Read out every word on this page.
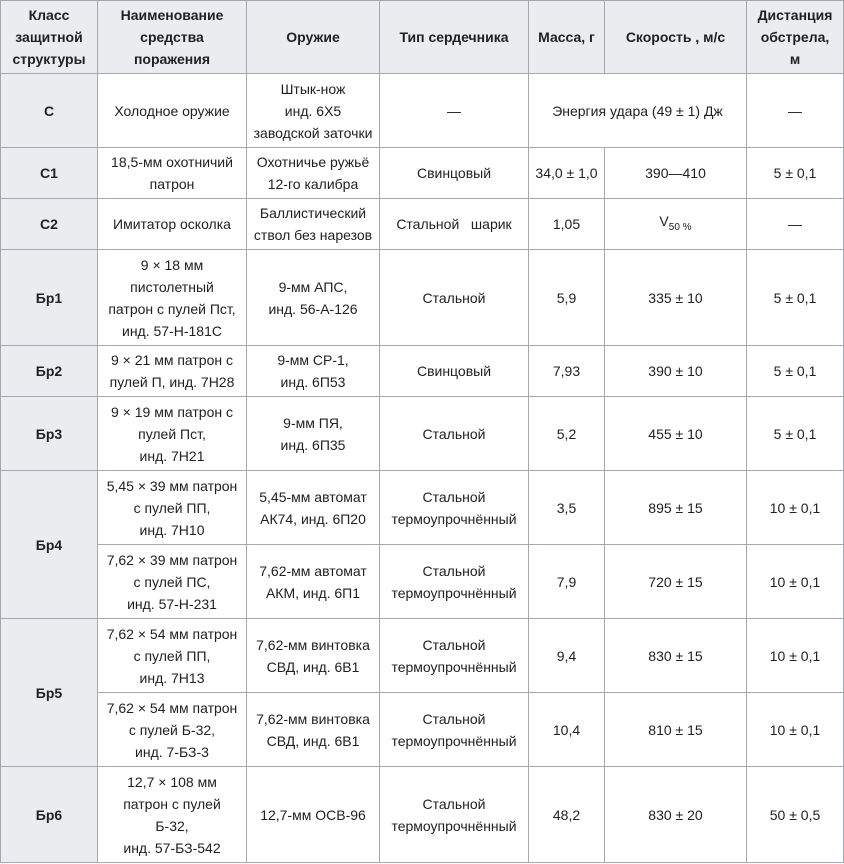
Класс
защитной
структуры	Наименование
средства
поражения	Оружие	Тип сердечника	Масса, г	Скорость , м/с	Дистанция
обстрела,
м
С	Холодное оружие	Штык-нож
инд. 6Х5
заводской заточки	—	Энергия удара (49 ± 1) Дж		—
С1	18,5-мм охотничий
патрон	Охотничье ружьё
12-го калибра	Свинцовый	34,0 ± 1,0	390—410	5 ± 0,1
С2	Имитатор осколка	Баллистический
ствол без нарезов	Стальной   шарик	1,05	$V_{50 \%}$	—
Бр1	9 × 18 мм
пистолетный
патрон с пулей Пст,
инд. 57-Н-181С	9-мм АПС,
инд. 56-А-126	Стальной	5,9	335 ± 10	5 ± 0,1
Бр2	9 × 21 мм патрон с
пулей П, инд. 7Н28	9-мм СР-1,
инд. 6П53	Свинцовый	7,93	390 ± 10	5 ± 0,1
Бр3	9 × 19 мм патрон с
пулей Пст,
инд. 7Н21	9-мм ПЯ,
инд. 6П35	Стальной	5,2	455 ± 10	5 ± 0,1
Бр4	5,45 × 39 мм патрон
с пулей ПП,
инд. 7Н10	5,45-мм автомат
АК74, инд. 6П20	Стальной
термоупрочнённый	3,5	895 ± 15	10 ± 0,1
	7,62 × 39 мм патрон
с пулей ПС,
инд. 57-Н-231	7,62-мм автомат
АКМ, инд. 6П1	Стальной
термоупрочнённый	7,9	720 ± 15	10 ± 0,1
Бр5	7,62 × 54 мм патрон
с пулей ПП,
инд. 7Н13	7,62-мм винтовка
СВД, инд. 6В1	Стальной
термоупрочнённый	9,4	830 ± 15	10 ± 0,1
	7,62 × 54 мм патрон
с пулей Б-32,
инд. 7-БЗ-3	7,62-мм винтовка
СВД, инд. 6В1	Стальной
термоупрочнённый	10,4	810 ± 15	10 ± 0,1
Бр6	12,7 × 108 мм
патрон с пулей
Б-32,
инд. 57-БЗ-542	12,7-мм ОСВ-96	Стальной
термоупрочнённый	48,2	830 ± 20	50 ± 0,5
